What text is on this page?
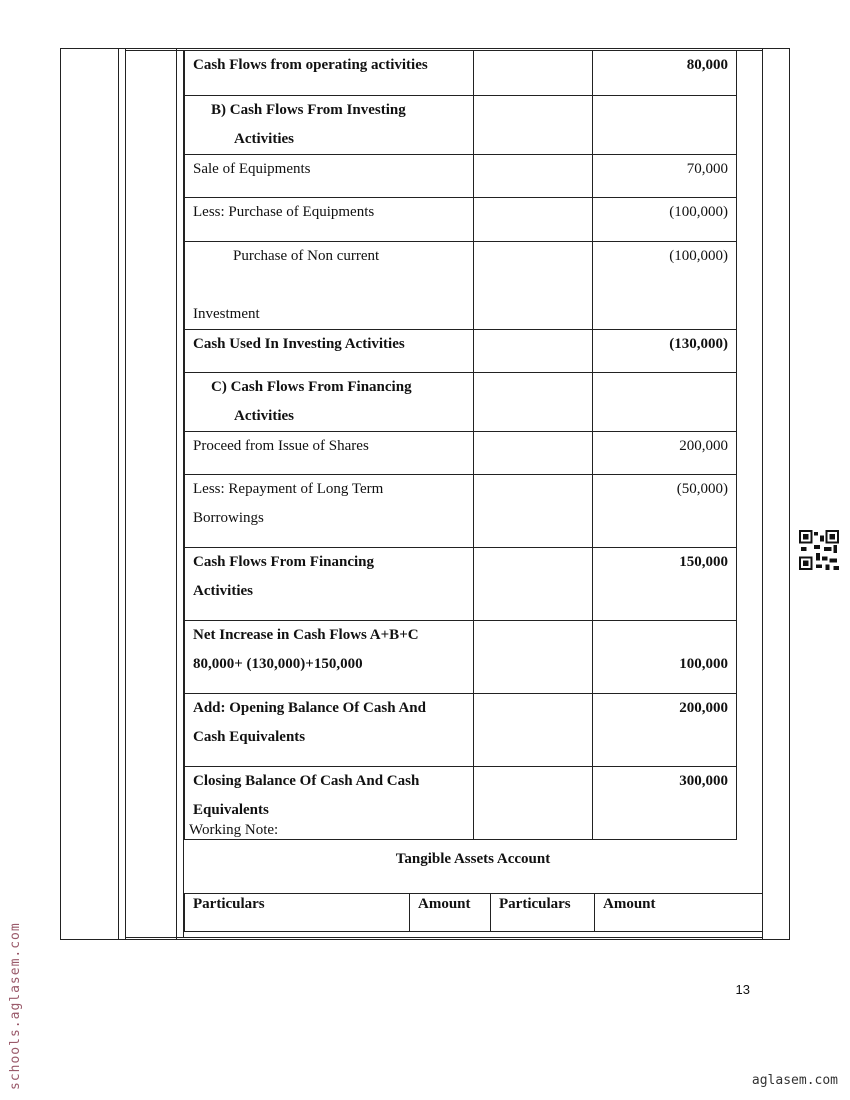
Cash Flows from operating activities		80,000
B) Cash Flows From Investing
Activities		

Sale of Equipments		70,000
Less: Purchase of Equipments		(100,000)

Purchase of Non current

Investment		(100,000)
Cash Used In Investing Activities		(130,000)
C) Cash Flows From Financing
Activities		

Proceed from Issue of Shares		200,000
Less: Repayment of Long Term
Borrowings		(50,000)
Cash Flows From Financing
Activities		150,000
Net Increase in Cash Flows A+B+C
80,000+ (130,000)+150,000		100,000
Add: Opening Balance Of Cash And
Cash Equivalents		200,000
Closing Balance Of Cash And Cash
Equivalents		300,000
Working Note:
Tangible Assets Account
Particulars	Amount	Particulars	Amount
13
schools.aglasem.com	aglasem.com
